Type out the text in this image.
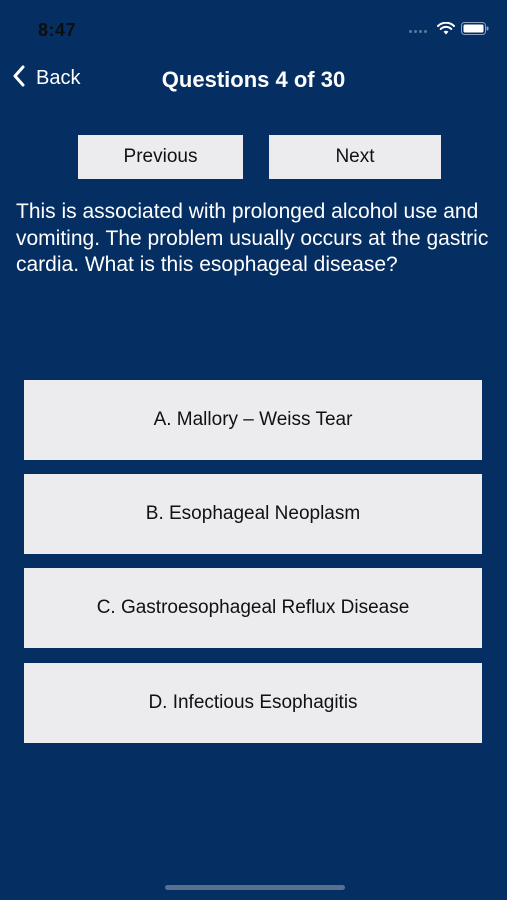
8:47
Questions 4 of 30
Back
Previous	Next
This is associated with prolonged alcohol use and vomiting. The problem usually occurs at the gastric cardia. What is this esophageal disease?
A. Mallory – Weiss Tear
B. Esophageal Neoplasm
C. Gastroesophageal Reflux Disease
D. Infectious Esophagitis
